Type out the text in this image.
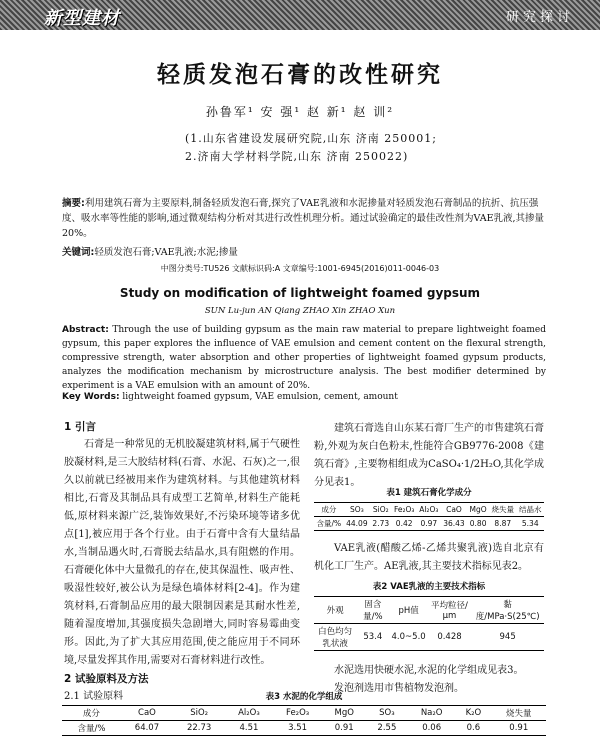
新型建材	研究探讨
轻质发泡石膏的改性研究
孙鲁军¹ 安 强¹ 赵 新¹ 赵 训²
(1.山东省建设发展研究院,山东 济南 250001;
2.济南大学材料学院,山东 济南 250022)
摘要:利用建筑石膏为主要原料,制备轻质发泡石膏,探究了VAE乳液和水泥掺量对轻质发泡石膏制品的抗折、抗压强度、吸水率等性能的影响,通过微观结构分析对其进行改性机理分析。通过试验确定的最佳改性剂为VAE乳液,其掺量20%。
关键词:轻质发泡石膏;VAE乳液;水泥;掺量
中图分类号:TU526 文献标识码:A 文章编号:1001-6945(2016)011-0046-03
Study on modification of lightweight foamed gypsum
SUN Lu-jun AN Qiang ZHAO Xin ZHAO Xun
Abstract: Through the use of building gypsum as the main raw material to prepare lightweight foamed gypsum, this paper explores the influence of VAE emulsion and cement content on the flexural strength, compressive strength, water absorption and other properties of lightweight foamed gypsum products, analyzes the modification mechanism by microstructure analysis. The best modifier determined by experiment is a VAE emulsion with an amount of 20%.
Key Words: lightweight foamed gypsum, VAE emulsion, cement, amount
1 引言

石膏是一种常见的无机胶凝建筑材料,属于气硬性胶凝材料,是三大胶结材料(石膏、水泥、石灰)之一,很久以前就已经被用来作为建筑材料。与其他建筑材料相比,石膏及其制品具有成型工艺简单,材料生产能耗低,原材料来源广泛,装饰效果好,不污染环境等诸多优点[1],被应用于各个行业。由于石膏中含有大量结晶水,当制品遇火时,石膏脱去结晶水,具有阻燃的作用。石膏硬化体中大量微孔的存在,使其保温性、吸声性、吸湿性较好,被公认为是绿色墙体材料[2-4]。作为建筑材料,石膏制品应用的最大限制因素是其耐水性差,随着湿度增加,其强度损失急剧增大,同时容易霉曲变形。因此,为了扩大其应用范围,使之能应用于不同环境,尽量发挥其作用,需要对石膏材料进行改性。

2 试验原料及方法
2.1 试验原料

建筑石膏选自山东某石膏厂生产的市售建筑石膏粉,外观为灰白色粉末,性能符合GB9776-2008《建筑石膏》,主要物相组成为CaSO₄·1/2H₂O,其化学成分见表1。

表1 建筑石膏化学成分
成分	SO₃	SiO₂	Fe₂O₃	Al₂O₃	CaO	MgO	烧失量	结晶水
含量/%	44.09	2.73	0.42	0.97	36.43	0.80	8.87	5.34

VAE乳液(醋酸乙烯-乙烯共聚乳液)选自北京有机化工厂生产。AE乳液,其主要技术指标见表2。

表2 VAE乳液的主要技术指标
外观	固含量/%	pH值	平均粒径/μm	黏度/MPa·S(25℃)
白色均匀乳状液	53.4	4.0~5.0	0.428	945

水泥选用快硬水泥,水泥的化学组成见表3。

发泡剂选用市售植物发泡剂。

表3 水泥的化学组成
成分	CaO	SiO₂	Al₂O₃	Fe₂O₃	MgO	SO₃	Na₂O	K₂O	烧失量
含量/%	64.07	22.73	4.51	3.51	0.91	2.55	0.06	0.6	0.91
